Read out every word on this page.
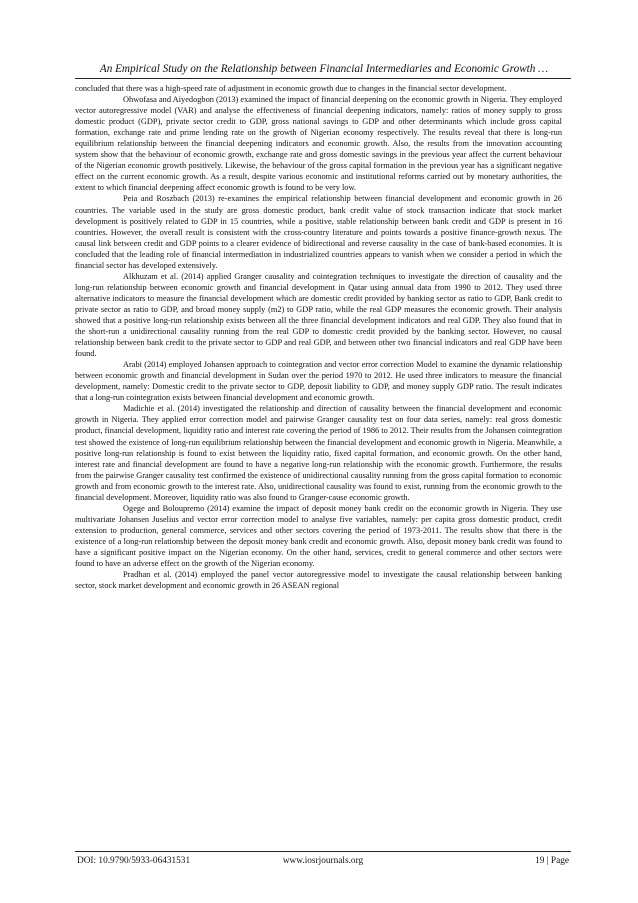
An Empirical Study on the Relationship between Financial Intermediaries and Economic Growth …

concluded that there was a high-speed rate of adjustment in economic growth due to changes in the financial sector development.

Ohwofasa and Aiyedogbon (2013) examined the impact of financial deepening on the economic growth in Nigeria. They employed vector autoregressive model (VAR) and analyse the effectiveness of financial deepening indicators, namely: ratios of money supply to gross domestic product (GDP), private sector credit to GDP, gross national savings to GDP and other determinants which include gross capital formation, exchange rate and prime lending rate on the growth of Nigerian economy respectively. The results reveal that there is long-run equilibrium relationship between the financial deepening indicators and economic growth. Also, the results from the innovation accounting system show that the behaviour of economic growth, exchange rate and gross domestic savings in the previous year affect the current behaviour of the Nigerian economic growth positively. Likewise, the behaviour of the gross capital formation in the previous year has a significant negative effect on the current economic growth. As a result, despite various economic and institutional reforms carried out by monetary authorities, the extent to which financial deepening affect economic growth is found to be very low.

Peia and Roszbach (2013) re-examines the empirical relationship between financial development and economic growth in 26 countries. The variable used in the study are gross domestic product, bank credit value of stock transaction indicate that stock market development is positively related to GDP in 15 countries, while a positive, stable relationship between bank credit and GDP is present in 16 countries. However, the overall result is consistent with the cross-country literature and points towards a positive finance-growth nexus. The causal link between credit and GDP points to a clearer evidence of bidirectional and reverse causality in the case of bank-based economies. It is concluded that the leading role of financial intermediation in industrialized countries appears to vanish when we consider a period in which the financial sector has developed extensively.

Alkhuzam et al. (2014) applied Granger causality and cointegration techniques to investigate the direction of causality and the long-run relationship between economic growth and financial development in Qatar using annual data from 1990 to 2012. They used three alternative indicators to measure the financial development which are domestic credit provided by banking sector as ratio to GDP, Bank credit to private sector as ratio to GDP, and broad money supply (m2) to GDP ratio, while the real GDP measures the economic growth. Their analysis showed that a positive long-run relationship exists between all the three financial development indicators and real GDP. They also found that in the short-run a unidirectional causality running from the real GDP to domestic credit provided by the banking sector. However, no causal relationship between bank credit to the private sector to GDP and real GDP, and between other two financial indicators and real GDP have been found.

Arabi (2014) employed Johansen approach to cointegration and vector error correction Model to examine the dynamic relationship between economic growth and financial development in Sudan over the period 1970 to 2012. He used three indicators to measure the financial development, namely: Domestic credit to the private sector to GDP, deposit liability to GDP, and money supply GDP ratio. The result indicates that a long-run cointegration exists between financial development and economic growth.

Madichie et al. (2014) investigated the relationship and direction of causality between the financial development and economic growth in Nigeria. They applied error correction model and pairwise Granger causality test on four data series, namely: real gross domestic product, financial development, liquidity ratio and interest rate covering the period of 1986 to 2012. Their results from the Johansen cointegration test showed the existence of long-run equilibrium relationship between the financial development and economic growth in Nigeria. Meanwhile, a positive long-run relationship is found to exist between the liquidity ratio, fixed capital formation, and economic growth. On the other hand, interest rate and financial development are found to have a negative long-run relationship with the economic growth. Furthermore, the results from the pairwise Granger causality test confirmed the existence of unidirectional causality running from the gross capital formation to economic growth and from economic growth to the interest rate. Also, unidirectional causality was found to exist, running from the economic growth to the financial development. Moreover, liquidity ratio was also found to Granger-cause economic growth.

Ogege and Boloupremo (2014) examine the impact of deposit money bank credit on the economic growth in Nigeria. They use multivariate Johansen Juselius and vector error correction model to analyse five variables, namely: per capita gross domestic product, credit extension to production, general commerce, services and other sectors covering the period of 1973-2011. The results show that there is the existence of a long-run relationship between the deposit money bank credit and economic growth. Also, deposit money bank credit was found to have a significant positive impact on the Nigerian economy. On the other hand, services, credit to general commerce and other sectors were found to have an adverse effect on the growth of the Nigerian economy.

Pradhan et al. (2014) employed the panel vector autoregressive model to investigate the causal relationship between banking sector, stock market development and economic growth in 26 ASEAN regional

DOI: 10.9790/5933-06431531	www.iosrjournals.org	19 | Page
